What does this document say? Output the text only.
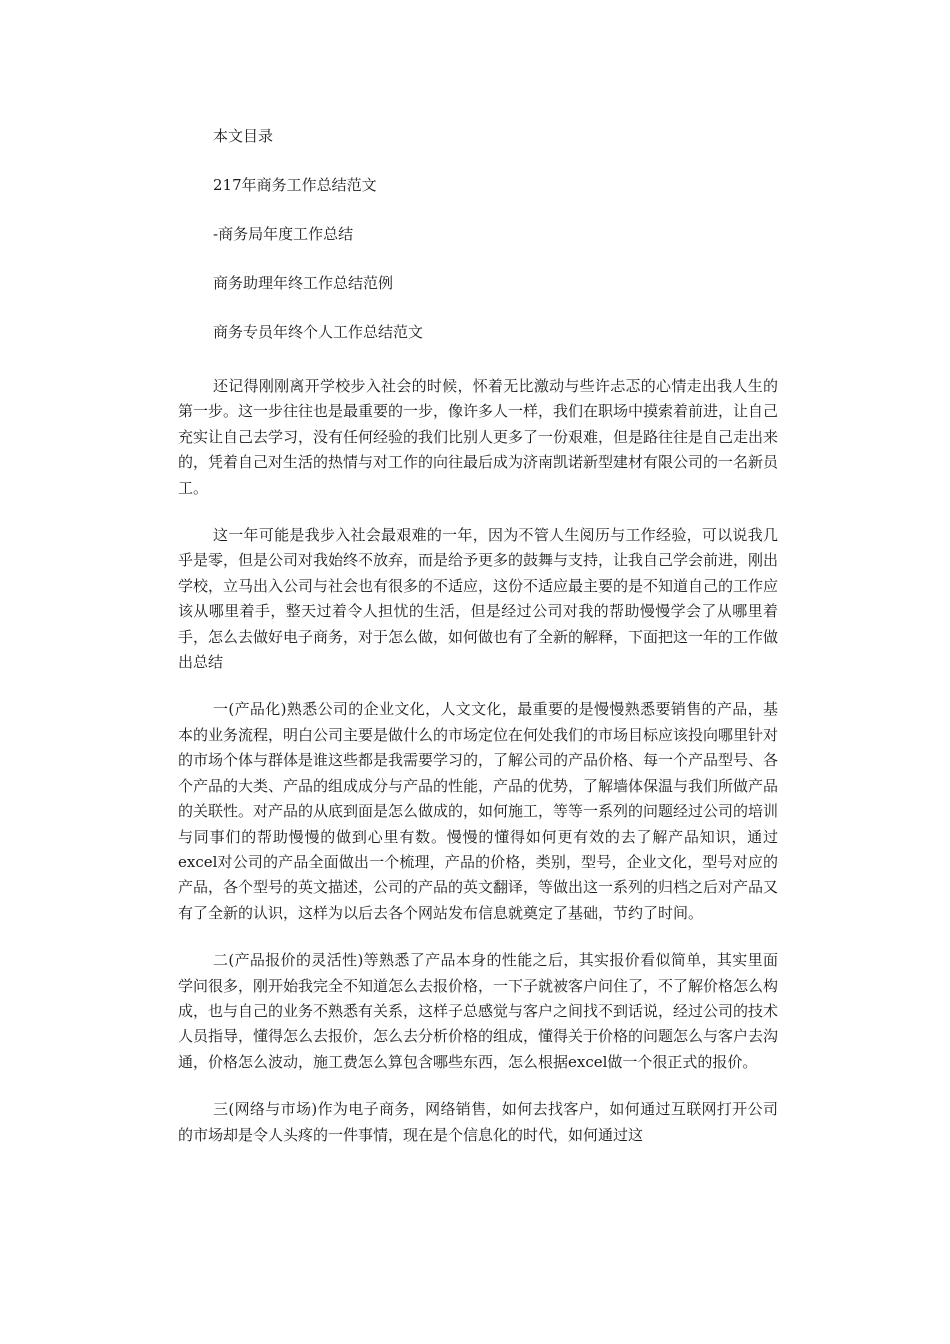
本文目录
217年商务工作总结范文
-商务局年度工作总结
商务助理年终工作总结范例
商务专员年终个人工作总结范文

还记得刚刚离开学校步入社会的时候，怀着无比激动与些许忐忑的心情走出我人生的第一步。这一步往往也是最重要的一步，像许多人一样，我们在职场中摸索着前进，让自己充实让自己去学习，没有任何经验的我们比别人更多了一份艰难，但是路往往是自己走出来的，凭着自己对生活的热情与对工作的向往最后成为济南凯诺新型建材有限公司的一名新员工。

这一年可能是我步入社会最艰难的一年，因为不管人生阅历与工作经验，可以说我几乎是零，但是公司对我始终不放弃，而是给予更多的鼓舞与支持，让我自己学会前进，刚出学校，立马出入公司与社会也有很多的不适应，这份不适应最主要的是不知道自己的工作应该从哪里着手，整天过着令人担忧的生活，但是经过公司对我的帮助慢慢学会了从哪里着手，怎么去做好电子商务，对于怎么做，如何做也有了全新的解释，下面把这一年的工作做出总结

一(产品化)熟悉公司的企业文化，人文文化，最重要的是慢慢熟悉要销售的产品，基本的业务流程，明白公司主要是做什么的市场定位在何处我们的市场目标应该投向哪里针对的市场个体与群体是谁这些都是我需要学习的，了解公司的产品价格、每一个产品型号、各个产品的大类、产品的组成成分与产品的性能，产品的优势，了解墙体保温与我们所做产品的关联性。对产品的从底到面是怎么做成的，如何施工，等等一系列的问题经过公司的培训与同事们的帮助慢慢的做到心里有数。慢慢的懂得如何更有效的去了解产品知识，通过excel对公司的产品全面做出一个梳理，产品的价格，类别，型号，企业文化，型号对应的产品，各个型号的英文描述，公司的产品的英文翻译，等做出这一系列的归档之后对产品又有了全新的认识，这样为以后去各个网站发布信息就奠定了基础，节约了时间。

二(产品报价的灵活性)等熟悉了产品本身的性能之后，其实报价看似简单，其实里面学问很多，刚开始我完全不知道怎么去报价格，一下子就被客户问住了，不了解价格怎么构成，也与自己的业务不熟悉有关系，这样子总感觉与客户之间找不到话说，经过公司的技术人员指导，懂得怎么去报价，怎么去分析价格的组成，懂得关于价格的问题怎么与客户去沟通，价格怎么波动，施工费怎么算包含哪些东西，怎么根据excel做一个很正式的报价。

三(网络与市场)作为电子商务，网络销售，如何去找客户，如何通过互联网打开公司的市场却是令人头疼的一件事情，现在是个信息化的时代，如何通过这
